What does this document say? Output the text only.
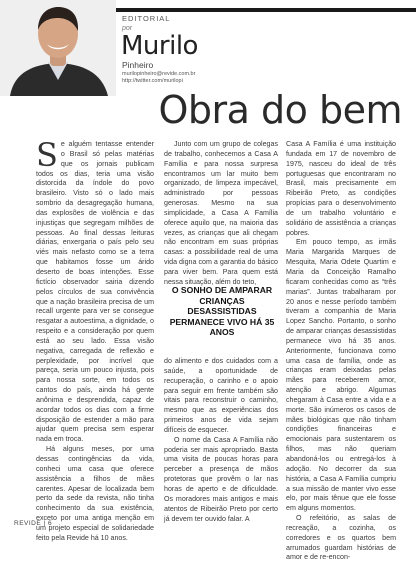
EDITORIAL
por
Murilo
Pinheiro
murilopinheiro@revide.com.br
http://twitter.com/murilopi
Obra do bem

S e alguém tentasse entender o Brasil só pelas matérias que os jornais publicam todos os dias, teria uma visão distorcida da índole do povo brasileiro. Visto só o lado mais sombrio da desagregação humana, das explosões de violência e das injustiças que segregam milhões de pessoas. Ao final dessas leituras diárias, enxergaria o país pelo seu viés mais nefasto como se a terra que habitamos fosse um árido deserto de boas intenções. Esse fictício observador sairia dizendo pelos círculos de sua convivência que a nação brasileira precisa de um recall urgente para ver se consegue resgatar a autoestima, a dignidade, o respeito e a consideração por quem está ao seu lado. Essa visão negativa, carregada de reflexão e perplexidade, por incrível que pareça, seria um pouco injusta, pois para nossa sorte, em todos os cantos do país, ainda há gente anônima e desprendida, capaz de acordar todos os dias com a firme disposição de estender a mão para ajudar quem precisa sem esperar nada em troca.

Há alguns meses, por uma dessas contingências da vida, conheci uma casa que oferece assistência a filhos de mães carentes. Apesar de localizada bem perto da sede da revista, não tinha conhecimento da sua existência, exceto por uma antiga menção em um projeto especial de solidariedade feito pela Revide há 10 anos.

Junto com um grupo de colegas de trabalho, conhecemos a Casa A Família e para nossa surpresa encontramos um lar muito bem organizado, de limpeza impecável, administrado por pessoas generosas. Mesmo na sua simplicidade, a Casa A Família oferece aquilo que, na maioria das vezes, as crianças que ali chegam não encontram em suas próprias casas: a possibilidade real de uma vida digna com a garantia do básico para viver bem. Para quem está nessa situação, além do teto,

O SONHO DE AMPARAR CRIANÇAS DESASSISTIDAS PERMANECE VIVO HÁ 35 ANOS

do alimento e dos cuidados com a saúde, a oportunidade de recuperação, o carinho e o apoio para seguir em frente também são vitais para reconstruir o caminho, mesmo que as experiências dos primeiros anos de vida sejam difíceis de esquecer.

O nome da Casa A Família não poderia ser mais apropriado. Basta uma visita de poucas horas para perceber a presença de mãos protetoras que provêm o lar nas horas de aperto e de dificuldade. Os moradores mais antigos e mais atentos de Ribeirão Preto por certo já devem ter ouvido falar. A

Casa A Família é uma instituição fundada em 17 de novembro de 1975, nasceu do ideal de três portuguesas que encontraram no Brasil, mais precisamente em Ribeirão Preto, as condições propícias para o desenvolvimento de um trabalho voluntário e solidário de assistência a crianças pobres.

Em pouco tempo, as irmãs Maria Margarida Marques de Mesquita, Maria Odete Quartim e Maria da Conceição Ramalho ficaram conhecidas como as “três marias”. Juntas trabalharam por 20 anos e nesse período também tiveram a companhia de Maria Lopez Sancho. Portanto, o sonho de amparar crianças desassistidas permanece vivo há 35 anos. Anteriormente, funcionava como uma casa de família, onde as crianças eram deixadas pelas mães para receberem amor, atenção e abrigo. Algumas chegaram à Casa entre a vida e a morte. São inúmeros os casos de mães biológicas que não tinham condições financeiras e emocionais para sustentarem os filhos, mas não queriam abandoná-los ou entregá-los à adoção. No decorrer da sua história, a Casa A Família cumpriu a sua missão de manter vivo esse elo, por mais tênue que ele fosse em alguns momentos.

O refeitório, as salas de recreação, a cozinha, os corredores e os quartos bem arrumados guardam histórias de amor e de re-encon-

REVIDE | 6
